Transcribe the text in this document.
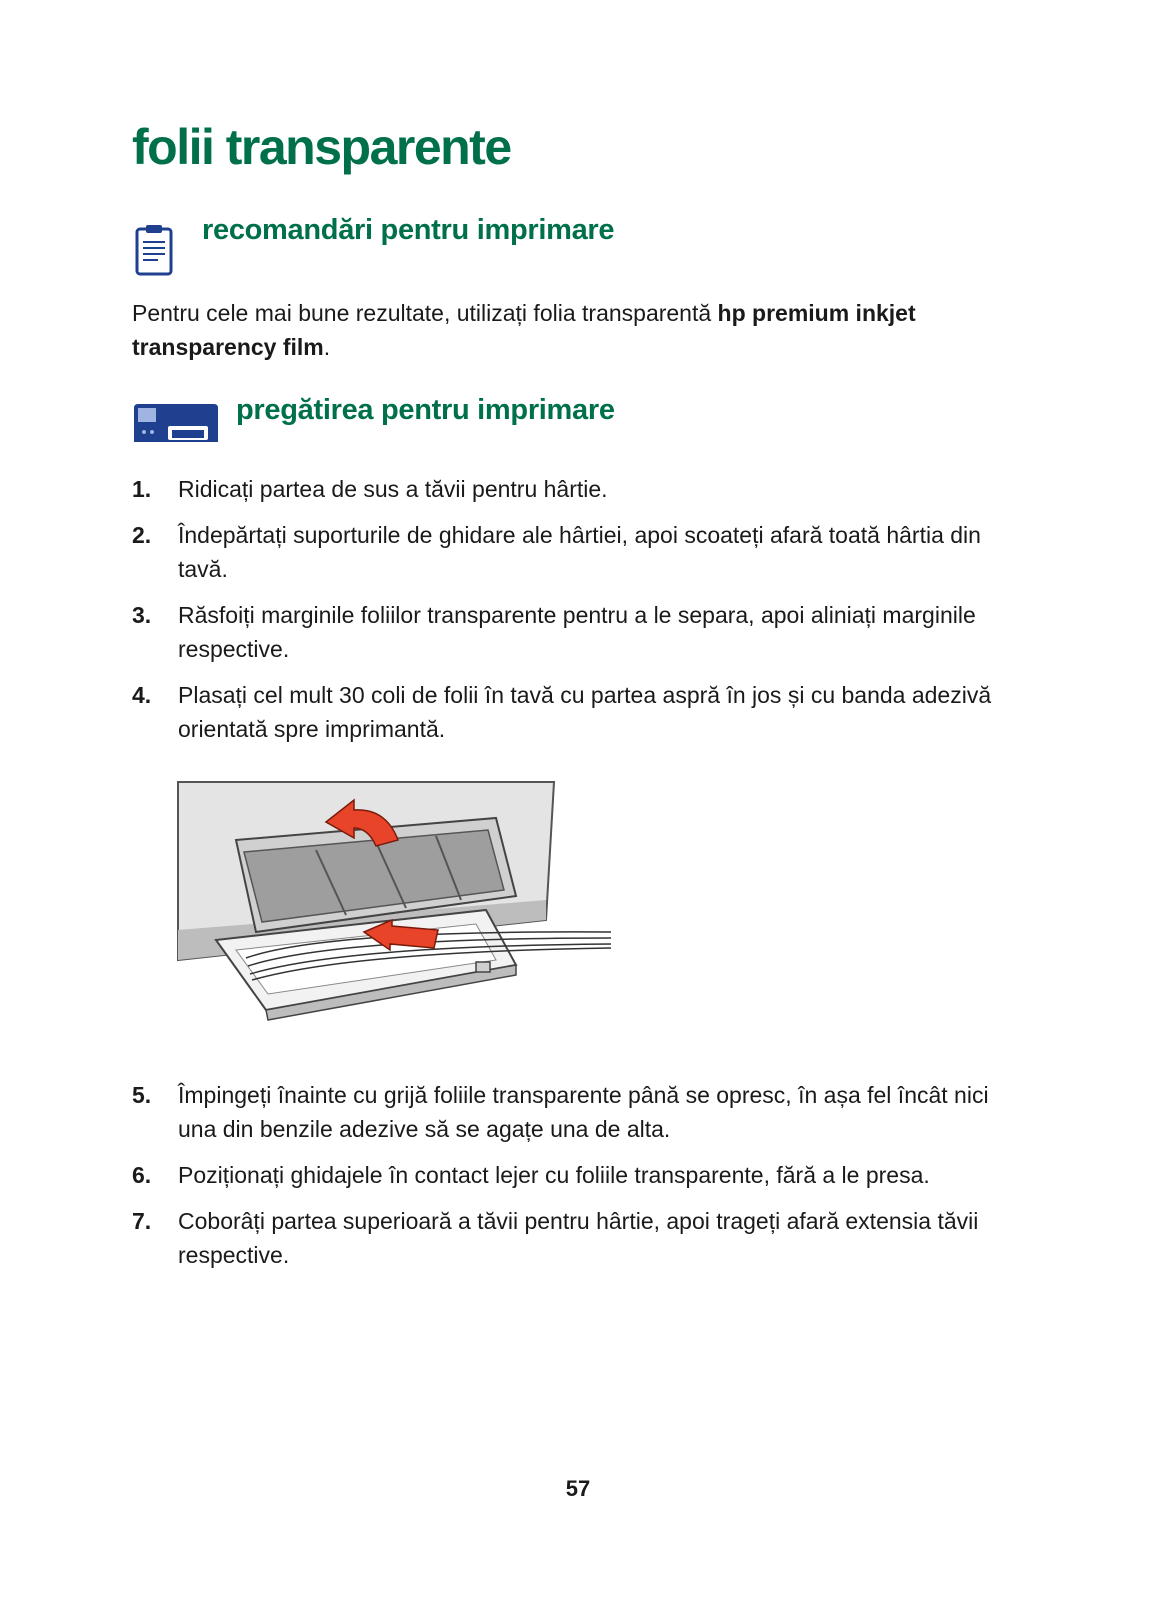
folii transparente
recomandări pentru imprimare

Pentru cele mai bune rezultate, utilizați folia transparentă hp premium inkjet transparency film.

pregătirea pentru imprimare
1. Ridicați partea de sus a tăvii pentru hârtie.
2. Îndepărtați suporturile de ghidare ale hârtiei, apoi scoateți afară toată hârtia din tavă.
3. Răsfoiți marginile foliilor transparente pentru a le separa, apoi aliniați marginile respective.
4. Plasați cel mult 30 coli de folii în tavă cu partea aspră în jos și cu banda adezivă orientată spre imprimantă.
5. Împingeți înainte cu grijă foliile transparente până se opresc, în așa fel încât nici una din benzile adezive să se agațe una de alta.
6. Poziționați ghidajele în contact lejer cu foliile transparente, fără a le presa.
7. Coborâți partea superioară a tăvii pentru hârtie, apoi trageți afară extensia tăvii respective.

57
